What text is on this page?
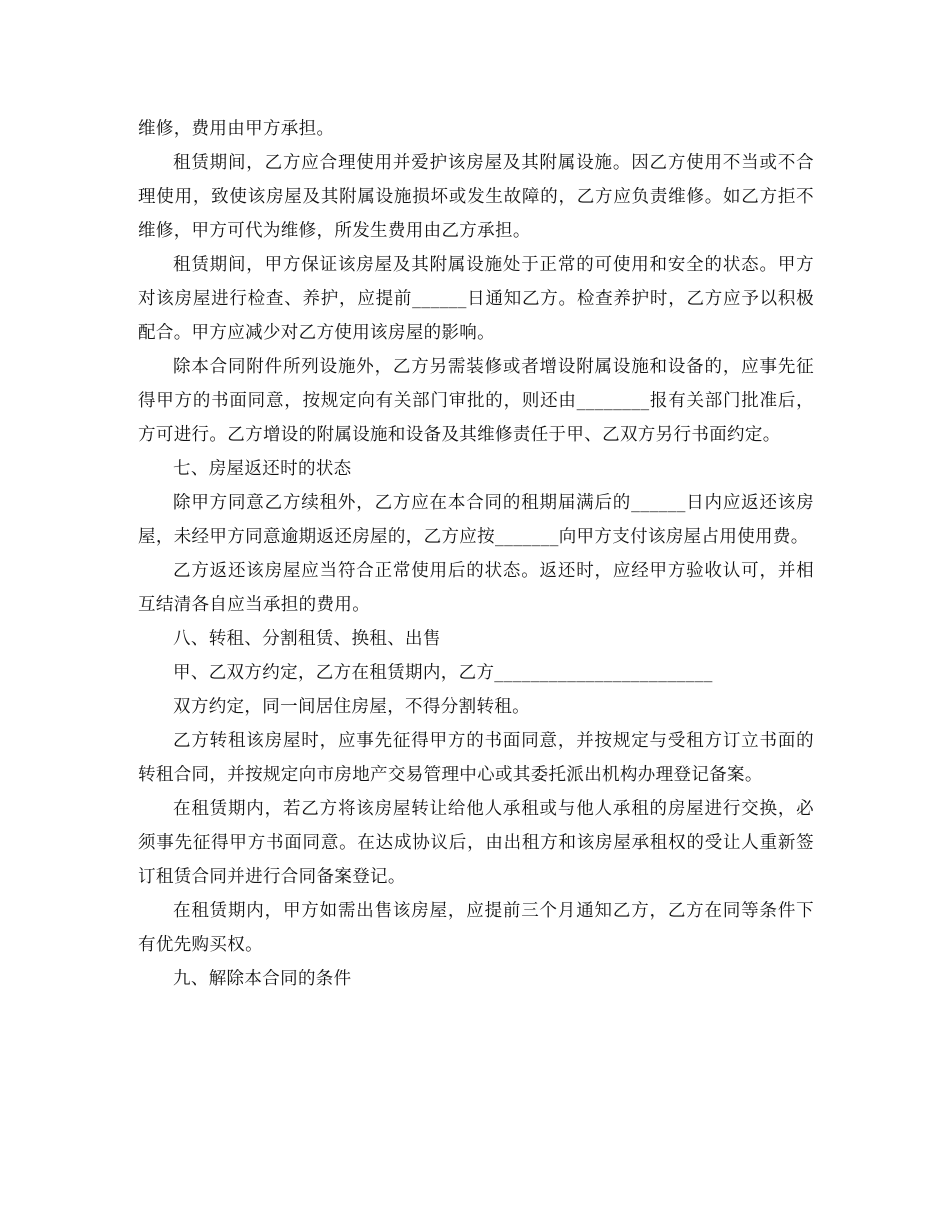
维修，费用由甲方承担。

租赁期间，乙方应合理使用并爱护该房屋及其附属设施。因乙方使用不当或不合理使用，致使该房屋及其附属设施损坏或发生故障的，乙方应负责维修。如乙方拒不维修，甲方可代为维修，所发生费用由乙方承担。

租赁期间，甲方保证该房屋及其附属设施处于正常的可使用和安全的状态。甲方对该房屋进行检查、养护，应提前______日通知乙方。检查养护时，乙方应予以积极配合。甲方应减少对乙方使用该房屋的影响。

除本合同附件所列设施外，乙方另需装修或者增设附属设施和设备的，应事先征得甲方的书面同意，按规定向有关部门审批的，则还由________报有关部门批准后，方可进行。乙方增设的附属设施和设备及其维修责任于甲、乙双方另行书面约定。

七、房屋返还时的状态

除甲方同意乙方续租外，乙方应在本合同的租期届满后的______日内应返还该房屋，未经甲方同意逾期返还房屋的，乙方应按_______向甲方支付该房屋占用使用费。

乙方返还该房屋应当符合正常使用后的状态。返还时，应经甲方验收认可，并相互结清各自应当承担的费用。

八、转租、分割租赁、换租、出售

甲、乙双方约定，乙方在租赁期内，乙方________________________

双方约定，同一间居住房屋，不得分割转租。

乙方转租该房屋时，应事先征得甲方的书面同意，并按规定与受租方订立书面的转租合同，并按规定向市房地产交易管理中心或其委托派出机构办理登记备案。

在租赁期内，若乙方将该房屋转让给他人承租或与他人承租的房屋进行交换，必须事先征得甲方书面同意。在达成协议后，由出租方和该房屋承租权的受让人重新签订租赁合同并进行合同备案登记。

在租赁期内，甲方如需出售该房屋，应提前三个月通知乙方，乙方在同等条件下有优先购买权。

九、解除本合同的条件
